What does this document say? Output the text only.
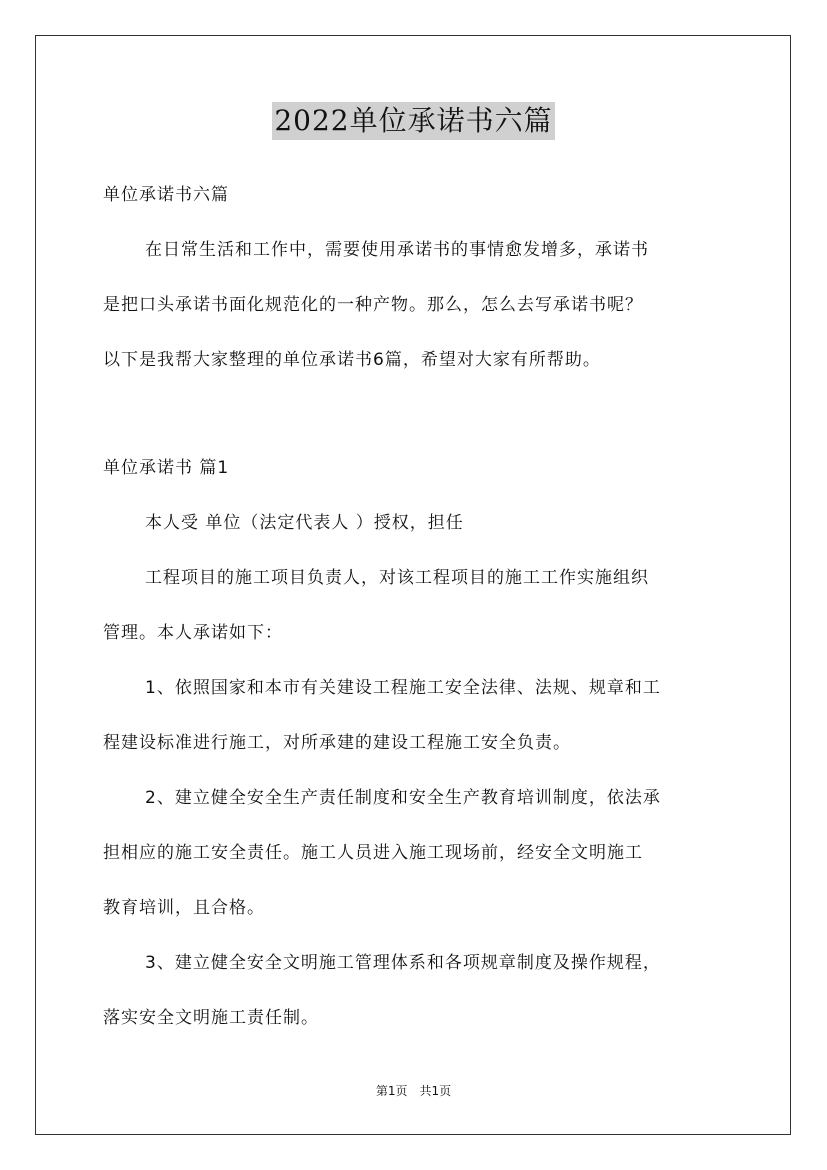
2022单位承诺书六篇
单位承诺书六篇
在日常生活和工作中，需要使用承诺书的事情愈发增多，承诺书
是把口头承诺书面化规范化的一种产物。那么，怎么去写承诺书呢？
以下是我帮大家整理的单位承诺书6篇，希望对大家有所帮助。
单位承诺书 篇1
本人受 单位（法定代表人 ）授权，担任
工程项目的施工项目负责人，对该工程项目的施工工作实施组织
管理。本人承诺如下：
1、依照国家和本市有关建设工程施工安全法律、法规、规章和工
程建设标准进行施工，对所承建的建设工程施工安全负责。
2、建立健全安全生产责任制度和安全生产教育培训制度，依法承
担相应的施工安全责任。施工人员进入施工现场前，经安全文明施工
教育培训，且合格。
3、建立健全安全文明施工管理体系和各项规章制度及操作规程，
落实安全文明施工责任制。
第1页　共1页
